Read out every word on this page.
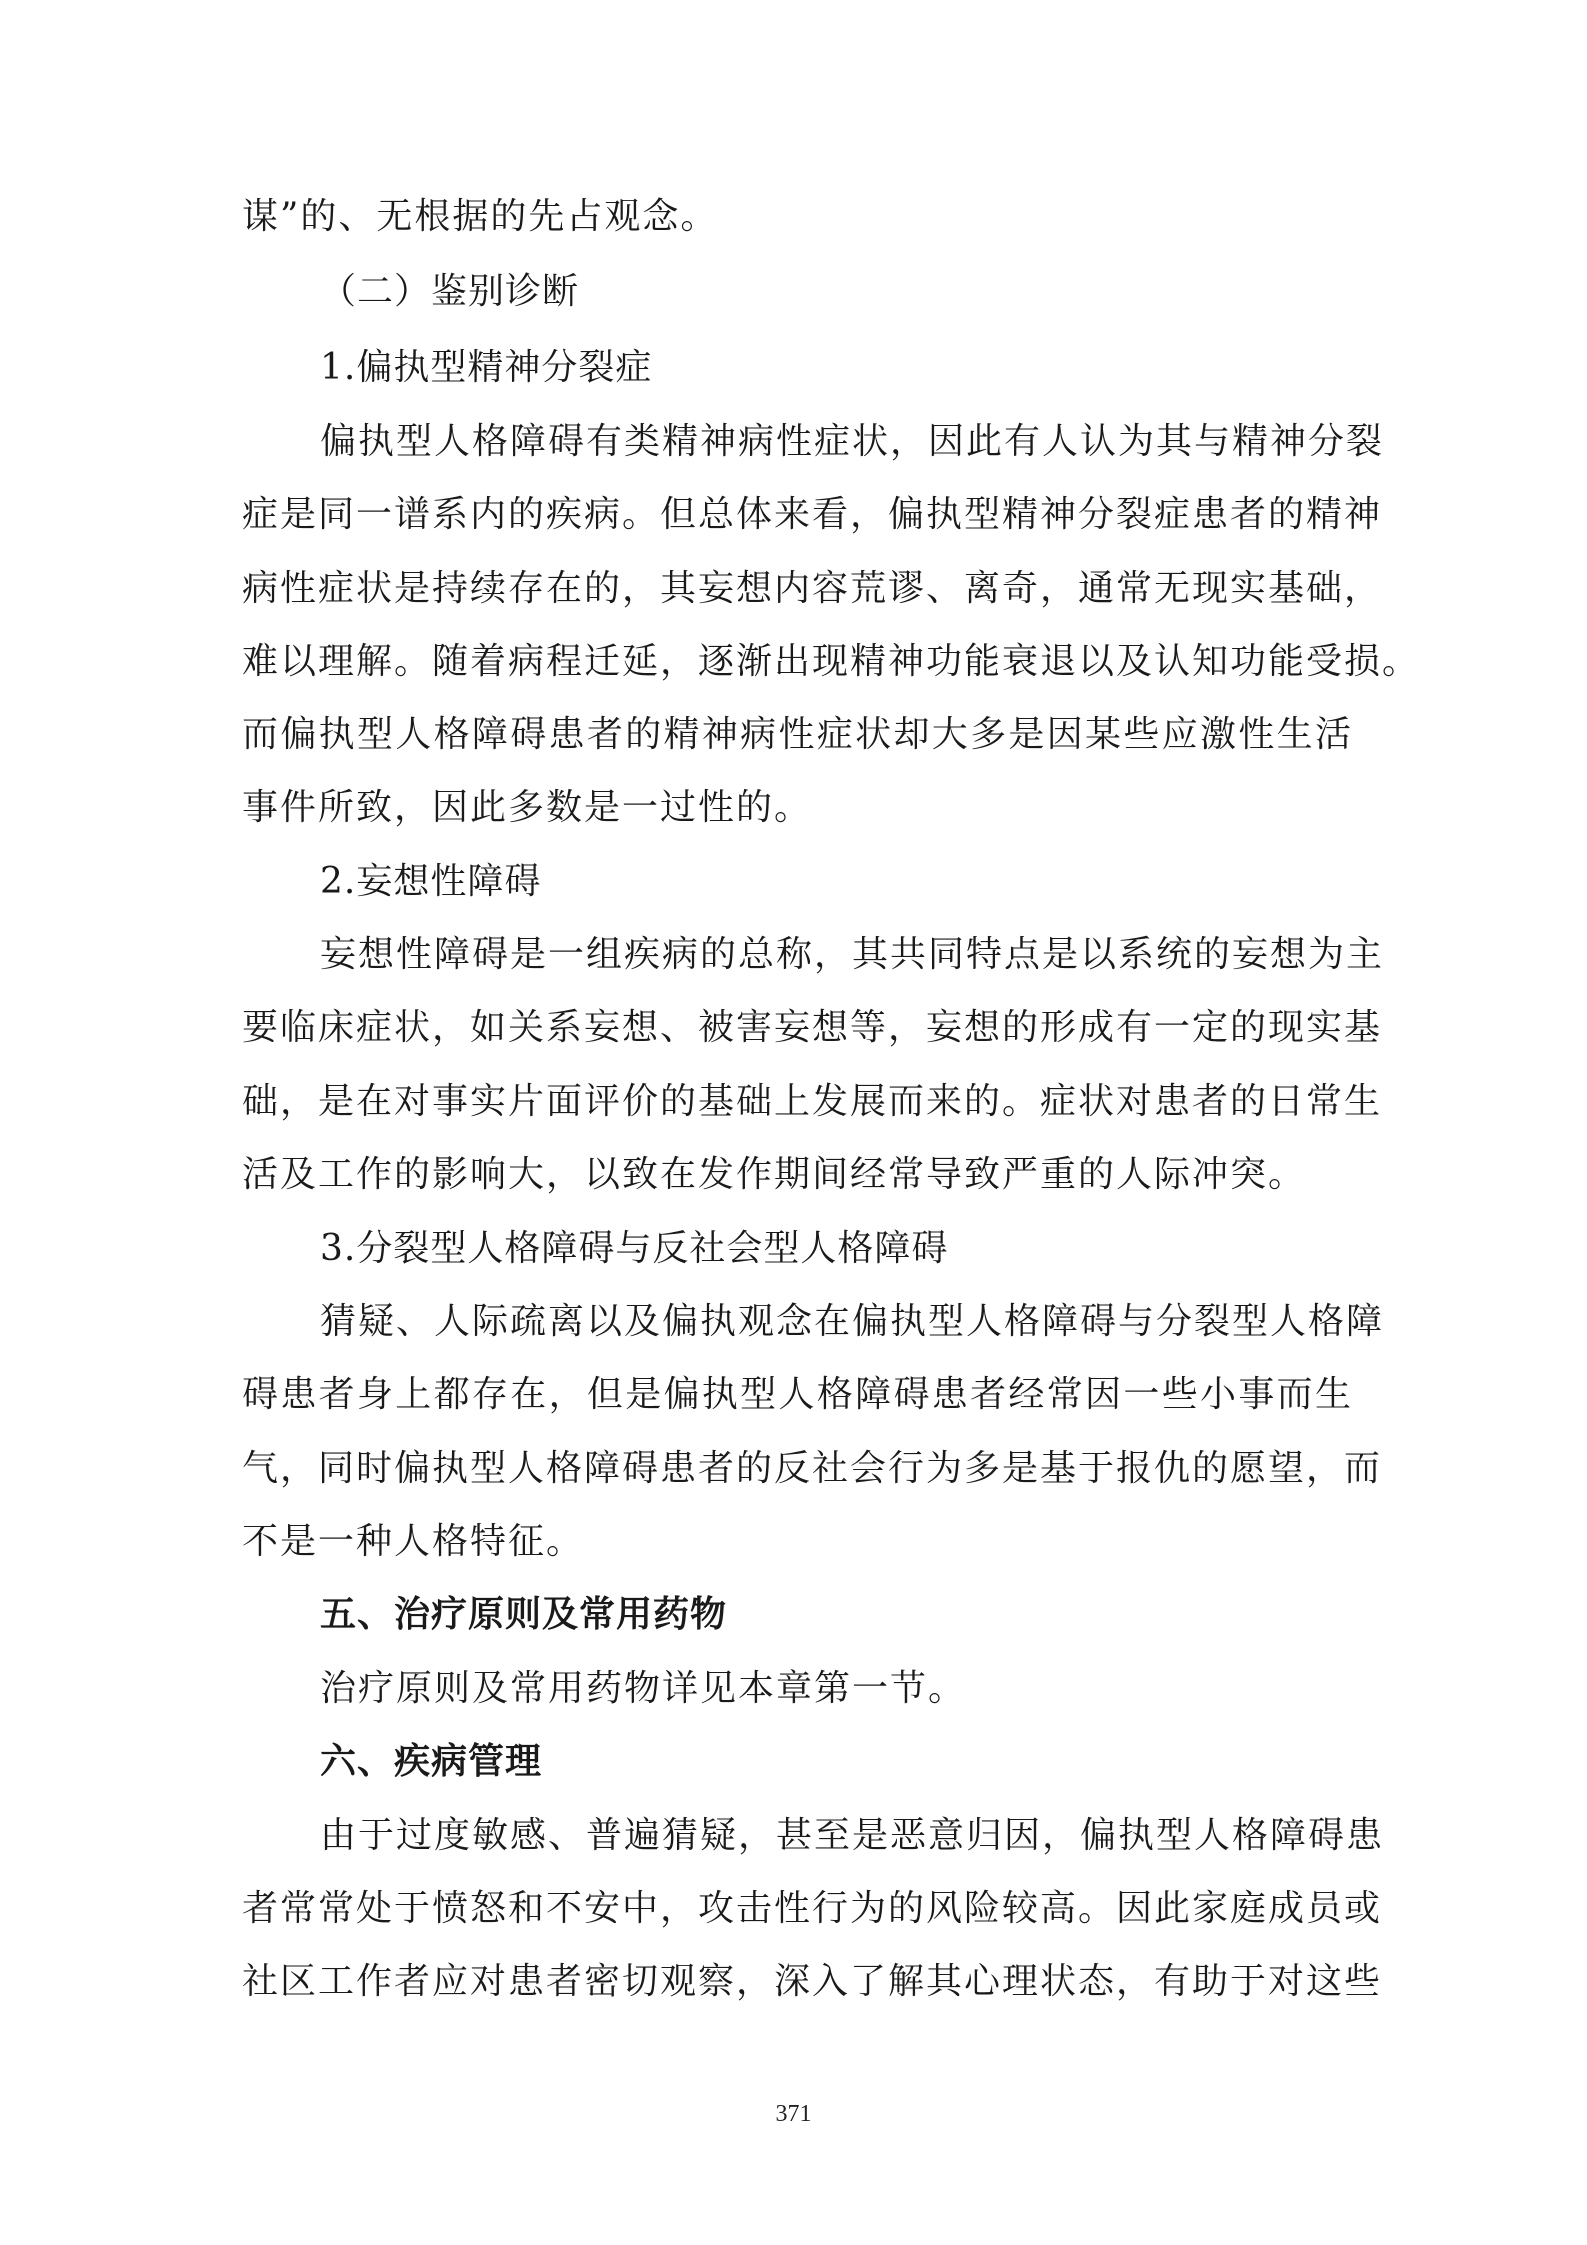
谋”的、无根据的先占观念。
（二）鉴别诊断
1.偏执型精神分裂症
偏执型人格障碍有类精神病性症状，因此有人认为其与精神分裂
症是同一谱系内的疾病。但总体来看，偏执型精神分裂症患者的精神
病性症状是持续存在的，其妄想内容荒谬、离奇，通常无现实基础，
难以理解。随着病程迁延，逐渐出现精神功能衰退以及认知功能受损。
而偏执型人格障碍患者的精神病性症状却大多是因某些应激性生活
事件所致，因此多数是一过性的。
2.妄想性障碍
妄想性障碍是一组疾病的总称，其共同特点是以系统的妄想为主
要临床症状，如关系妄想、被害妄想等，妄想的形成有一定的现实基
础，是在对事实片面评价的基础上发展而来的。症状对患者的日常生
活及工作的影响大，以致在发作期间经常导致严重的人际冲突。
3.分裂型人格障碍与反社会型人格障碍
猜疑、人际疏离以及偏执观念在偏执型人格障碍与分裂型人格障
碍患者身上都存在，但是偏执型人格障碍患者经常因一些小事而生
气，同时偏执型人格障碍患者的反社会行为多是基于报仇的愿望，而
不是一种人格特征。
五、治疗原则及常用药物
治疗原则及常用药物详见本章第一节。
六、疾病管理
由于过度敏感、普遍猜疑，甚至是恶意归因，偏执型人格障碍患
者常常处于愤怒和不安中，攻击性行为的风险较高。因此家庭成员或
社区工作者应对患者密切观察，深入了解其心理状态，有助于对这些
371
